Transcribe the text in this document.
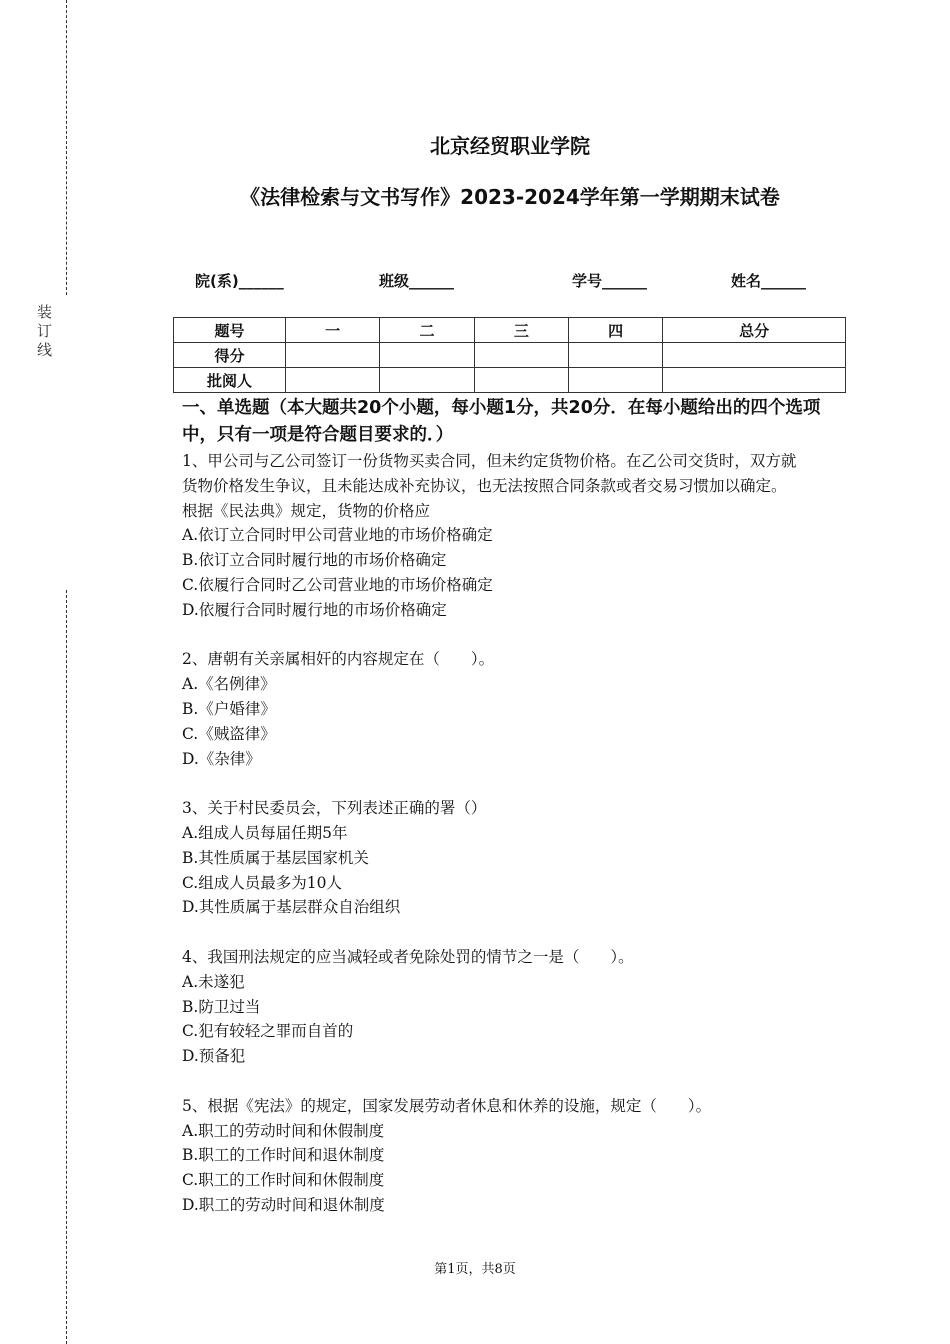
装订线
北京经贸职业学院
《法律检索与文书写作》2023-2024学年第一学期期末试卷
院(系)______	班级______	学号______	姓名______
题号	一	二	三	四	总分
得分					
批阅人					
一、单选题（本大题共20个小题，每小题1分，共20分．在每小题给出的四个选项中，只有一项是符合题目要求的．）
1、甲公司与乙公司签订一份货物买卖合同，但未约定货物价格。在乙公司交货时，双方就
货物价格发生争议，且未能达成补充协议，也无法按照合同条款或者交易习惯加以确定。
根据《民法典》规定，货物的价格应
A.依订立合同时甲公司营业地的市场价格确定
B.依订立合同时履行地的市场价格确定
C.依履行合同时乙公司营业地的市场价格确定
D.依履行合同时履行地的市场价格确定
2、唐朝有关亲属相奸的内容规定在（　　）。
A.《名例律》
B.《户婚律》
C.《贼盗律》
D.《杂律》
3、关于村民委员会，下列表述正确的署（）
A.组成人员每届任期5年
B.其性质属于基层国家机关
C.组成人员最多为10人
D.其性质属于基层群众自治组织
4、我国刑法规定的应当减轻或者免除处罚的情节之一是（　　）。
A.未遂犯
B.防卫过当
C.犯有较轻之罪而自首的
D.预备犯
5、根据《宪法》的规定，国家发展劳动者休息和休养的设施，规定（　　）。
A.职工的劳动时间和休假制度
B.职工的工作时间和退休制度
C.职工的工作时间和休假制度
D.职工的劳动时间和退休制度
第1页，共8页
